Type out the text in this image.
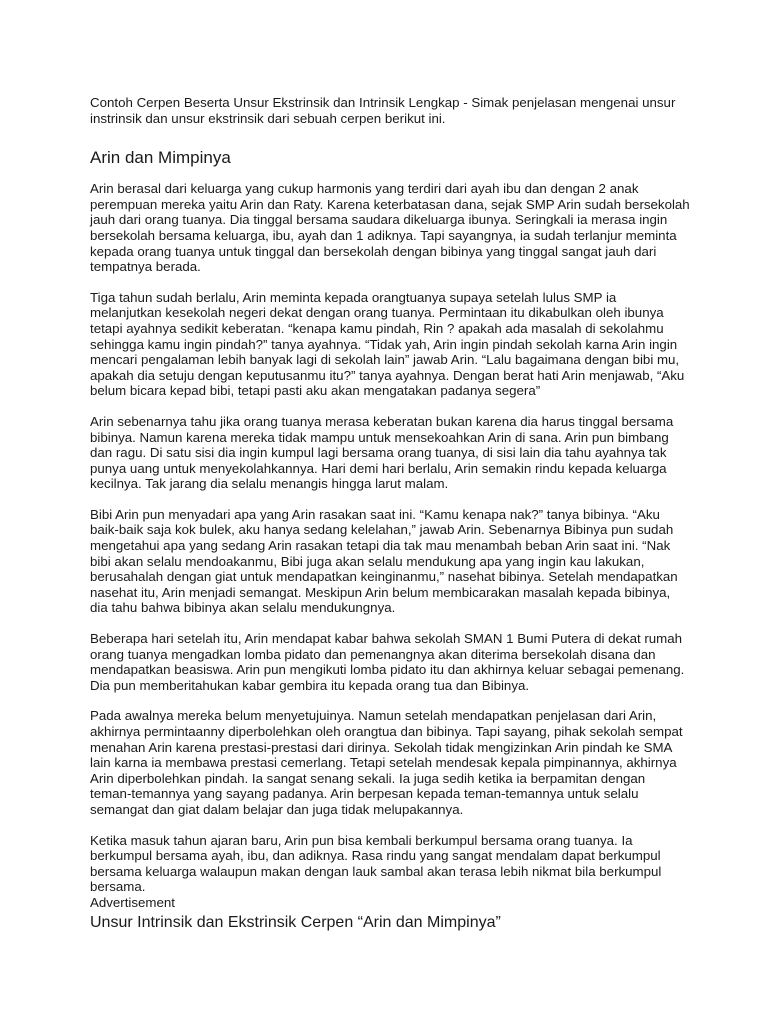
Contoh Cerpen Beserta Unsur Ekstrinsik dan Intrinsik Lengkap - Simak penjelasan mengenai unsur instrinsik dan unsur ekstrinsik dari sebuah cerpen berikut ini.

Arin dan Mimpinya

Arin berasal dari keluarga yang cukup harmonis yang terdiri dari ayah ibu dan dengan 2 anak perempuan mereka yaitu Arin dan Raty. Karena keterbatasan dana, sejak SMP Arin sudah bersekolah jauh dari orang tuanya. Dia tinggal bersama saudara dikeluarga ibunya. Seringkali ia merasa ingin bersekolah bersama keluarga, ibu, ayah dan 1 adiknya. Tapi sayangnya, ia sudah terlanjur meminta kepada orang tuanya untuk tinggal dan bersekolah dengan bibinya yang tinggal sangat jauh dari tempatnya berada.

Tiga tahun sudah berlalu, Arin meminta kepada orangtuanya supaya setelah lulus SMP ia melanjutkan kesekolah negeri dekat dengan orang tuanya. Permintaan itu dikabulkan oleh ibunya tetapi ayahnya sedikit keberatan. “kenapa kamu pindah, Rin ? apakah ada masalah di sekolahmu sehingga kamu ingin pindah?” tanya ayahnya. “Tidak yah, Arin ingin pindah sekolah karna Arin ingin mencari pengalaman lebih banyak lagi di sekolah lain” jawab Arin. “Lalu bagaimana dengan bibi mu, apakah dia setuju dengan keputusanmu itu?” tanya ayahnya. Dengan berat hati Arin menjawab, “Aku belum bicara kepad bibi, tetapi pasti aku akan mengatakan padanya segera”

Arin sebenarnya tahu jika orang tuanya merasa keberatan bukan karena dia harus tinggal bersama bibinya. Namun karena mereka tidak mampu untuk mensekoahkan Arin di sana. Arin pun bimbang dan ragu. Di satu sisi dia ingin kumpul lagi bersama orang tuanya, di sisi lain dia tahu ayahnya tak punya uang untuk menyekolahkannya. Hari demi hari berlalu, Arin semakin rindu kepada keluarga kecilnya. Tak jarang dia selalu menangis hingga larut malam.

Bibi Arin pun menyadari apa yang Arin rasakan saat ini. “Kamu kenapa nak?” tanya bibinya. “Aku baik-baik saja kok bulek, aku hanya sedang kelelahan,” jawab Arin. Sebenarnya Bibinya pun sudah mengetahui apa yang sedang Arin rasakan tetapi dia tak mau menambah beban Arin saat ini. “Nak bibi akan selalu mendoakanmu, Bibi juga akan selalu mendukung apa yang ingin kau lakukan, berusahalah dengan giat untuk mendapatkan keinginanmu,” nasehat bibinya. Setelah mendapatkan nasehat itu, Arin menjadi semangat. Meskipun Arin belum membicarakan masalah kepada bibinya, dia tahu bahwa bibinya akan selalu mendukungnya.

Beberapa hari setelah itu, Arin mendapat kabar bahwa sekolah SMAN 1 Bumi Putera di dekat rumah orang tuanya mengadkan lomba pidato dan pemenangnya akan diterima bersekolah disana dan mendapatkan beasiswa. Arin pun mengikuti lomba pidato itu dan akhirnya keluar sebagai pemenang. Dia pun memberitahukan kabar gembira itu kepada orang tua dan Bibinya.

Pada awalnya mereka belum menyetujuinya. Namun setelah mendapatkan penjelasan dari Arin, akhirnya permintaanny diperbolehkan oleh orangtua dan bibinya. Tapi sayang, pihak sekolah sempat menahan Arin karena prestasi-prestasi dari dirinya. Sekolah tidak mengizinkan Arin pindah ke SMA lain karna ia membawa prestasi cemerlang. Tetapi setelah mendesak kepala pimpinannya, akhirnya Arin diperbolehkan pindah. Ia sangat senang sekali. Ia juga sedih ketika ia berpamitan dengan teman-temannya yang sayang padanya. Arin berpesan kepada teman-temannya untuk selalu semangat dan giat dalam belajar dan juga tidak melupakannya.

Ketika masuk tahun ajaran baru, Arin pun bisa kembali berkumpul bersama orang tuanya. Ia berkumpul bersama ayah, ibu, dan adiknya. Rasa rindu yang sangat mendalam dapat berkumpul bersama keluarga walaupun makan dengan lauk sambal akan terasa lebih nikmat bila berkumpul bersama.

Advertisement
Unsur Intrinsik dan Ekstrinsik Cerpen “Arin dan Mimpinya”
